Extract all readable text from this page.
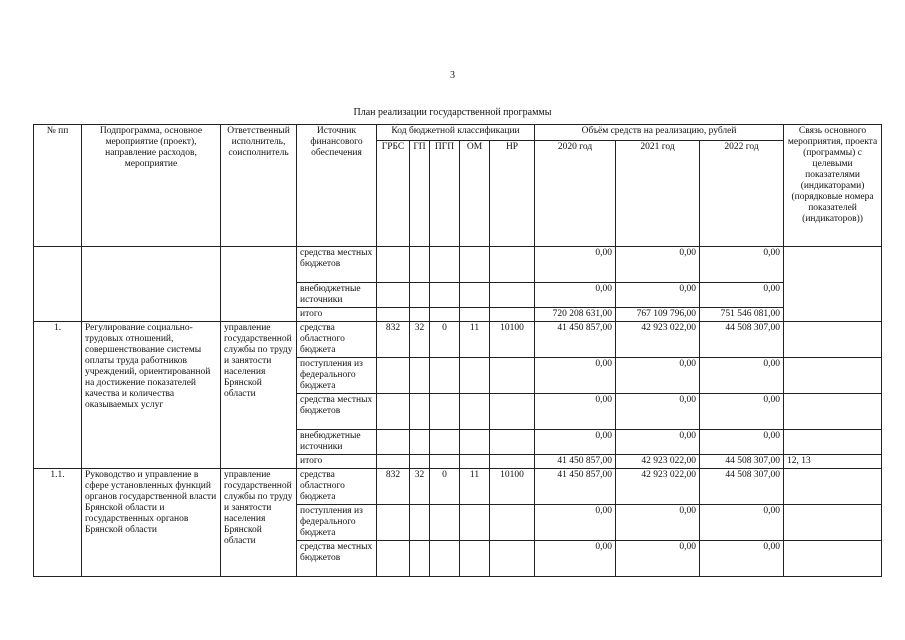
3
План реализации государственной программы
№ пп	Подпрограмма, основное мероприятие (проект), направление расходов, мероприятие	Ответственный исполнитель, соисполнитель	Источник финансового обеспечения	Код бюджетной классификации					Объём средств на реализацию, рублей			Связь основного мероприятия, проекта (программы) с целевыми показателями (индикаторами) (порядковые номера показателей (индикаторов))
				ГРБС	ГП	ПГП	ОМ	НР	2020 год	2021 год	2022 год	
			средства местных бюджетов						0,00	0,00	0,00	
			внебюджетные источники						0,00	0,00	0,00	
			итого						720 208 631,00	767 109 796,00	751 546 081,00	
1.	Регулирование социально-трудовых отношений, совершенствование системы оплаты труда работников учреждений, ориентированной на достижение показателей качества и количества оказываемых услуг	управление государственной службы по труду и занятости населения Брянской области	средства областного бюджета	832	32	0	11	10100	41 450 857,00	42 923 022,00	44 508 307,00	
			поступления из федерального бюджета						0,00	0,00	0,00	
			средства местных бюджетов						0,00	0,00	0,00	
			внебюджетные источники						0,00	0,00	0,00	
			итого						41 450 857,00	42 923 022,00	44 508 307,00	12, 13
1.1.	Руководство и управление в сфере установленных функций органов государственной власти Брянской области и государственных органов Брянской области	управление государственной службы по труду и занятости населения Брянской области	средства областного бюджета	832	32	0	11	10100	41 450 857,00	42 923 022,00	44 508 307,00	
			поступления из федерального бюджета						0,00	0,00	0,00	
			средства местных бюджетов						0,00	0,00	0,00	
